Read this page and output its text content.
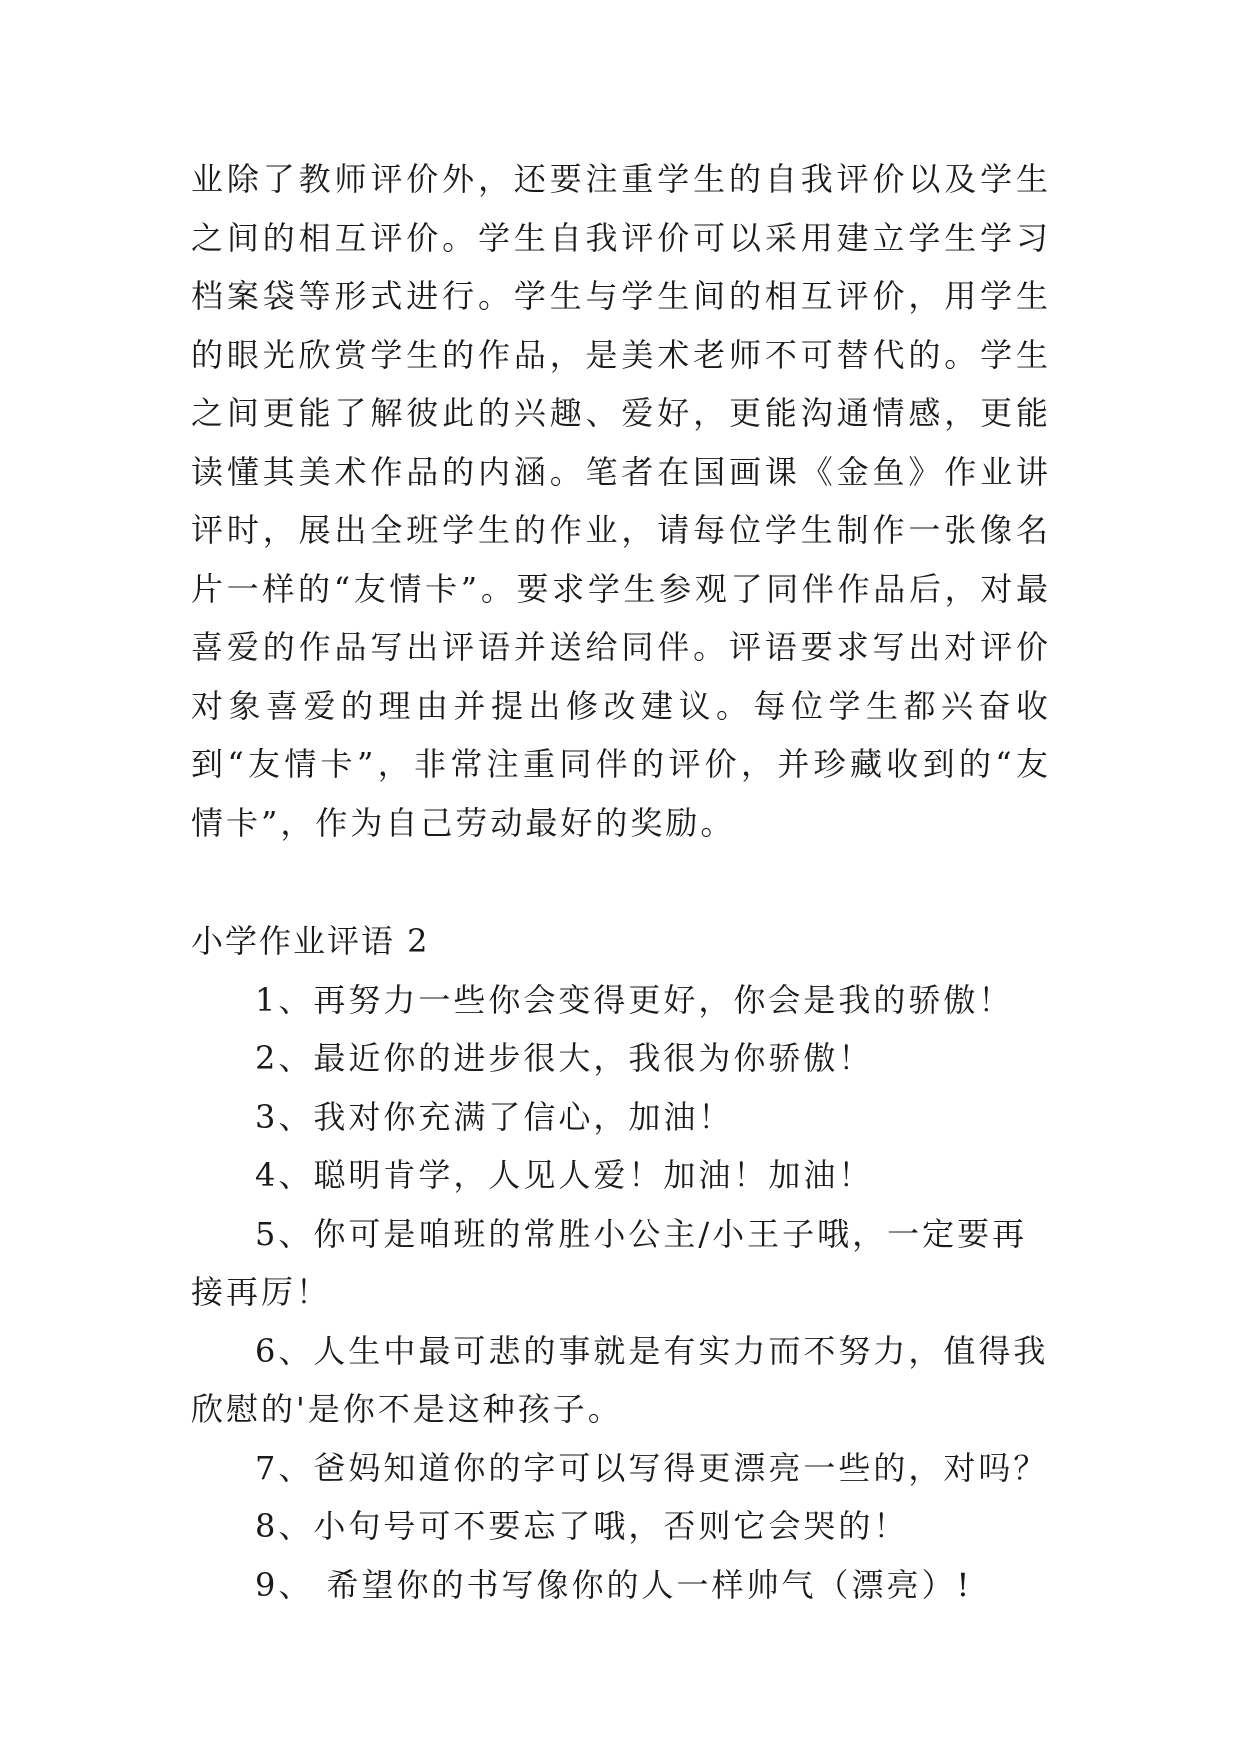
业除了教师评价外，还要注重学生的自我评价以及学生之间的相互评价。学生自我评价可以采用建立学生学习档案袋等形式进行。学生与学生间的相互评价，用学生的眼光欣赏学生的作品，是美术老师不可替代的。学生之间更能了解彼此的兴趣、爱好，更能沟通情感，更能读懂其美术作品的内涵。笔者在国画课《金鱼》作业讲评时，展出全班学生的作业，请每位学生制作一张像名片一样的“友情卡”。要求学生参观了同伴作品后，对最喜爱的作品写出评语并送给同伴。评语要求写出对评价对象喜爱的理由并提出修改建议。每位学生都兴奋收到“友情卡”，非常注重同伴的评价，并珍藏收到的“友情卡”，作为自己劳动最好的奖励。

小学作业评语 2
1、再努力一些你会变得更好，你会是我的骄傲！
2、最近你的进步很大，我很为你骄傲！
3、我对你充满了信心，加油！
4、聪明肯学，人见人爱！加油！加油！
5、你可是咱班的常胜小公主/小王子哦，一定要再接再厉！
6、人生中最可悲的事就是有实力而不努力，值得我欣慰的'是你不是这种孩子。
7、爸妈知道你的字可以写得更漂亮一些的，对吗？
8、小句号可不要忘了哦，否则它会哭的！
9、 希望你的书写像你的人一样帅气（漂亮）!
